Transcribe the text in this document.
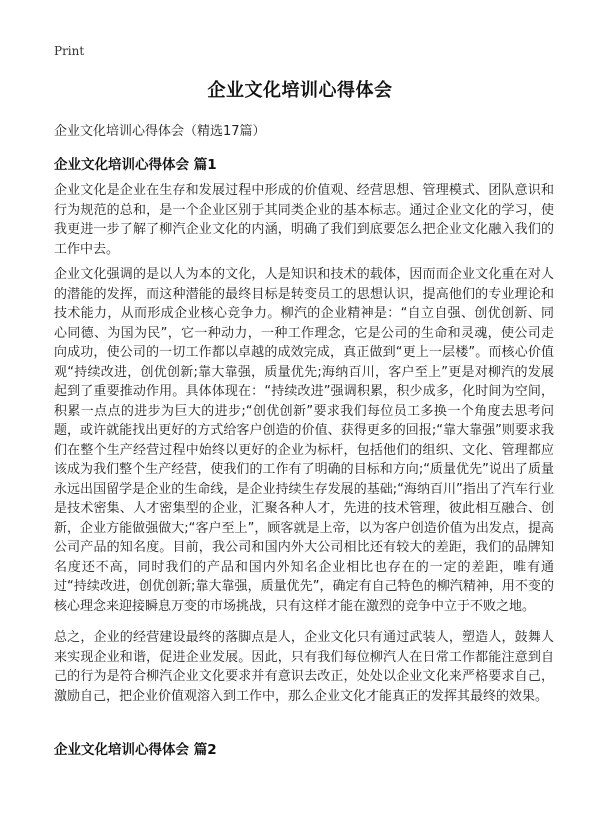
Print
企业文化培训心得体会
企业文化培训心得体会（精选17篇）
企业文化培训心得体会 篇1

企业文化是企业在生存和发展过程中形成的价值观、经营思想、管理模式、团队意识和行为规范的总和，是一个企业区别于其同类企业的基本标志。通过企业文化的学习，使我更进一步了解了柳汽企业文化的内涵，明确了我们到底要怎么把企业文化融入我们的工作中去。

企业文化强调的是以人为本的文化，人是知识和技术的载体，因而而企业文化重在对人的潜能的发挥，而这种潜能的最终目标是转变员工的思想认识，提高他们的专业理论和技术能力，从而形成企业核心竞争力。柳汽的企业精神是：“自立自强、创优创新、同心同德、为国为民”，它一种动力，一种工作理念，它是公司的生命和灵魂，使公司走向成功，使公司的一切工作都以卓越的成效完成，真正做到“更上一层楼”。而核心价值观“持续改进，创优创新;靠大靠强，质量优先;海纳百川，客户至上”更是对柳汽的发展起到了重要推动作用。具体体现在：“持续改进”强调积累，积少成多，化时间为空间，积累一点点的进步为巨大的进步;“创优创新”要求我们每位员工多换一个角度去思考问题，或许就能找出更好的方式给客户创造的价值、获得更多的回报;“靠大靠强”则要求我们在整个生产经营过程中始终以更好的企业为标杆，包括他们的组织、文化、管理都应该成为我们整个生产经营，使我们的工作有了明确的目标和方向;“质量优先”说出了质量永远出国留学是企业的生命线，是企业持续生存发展的基础;“海纳百川”指出了汽车行业是技术密集、人才密集型的企业，汇聚各种人才，先进的技术管理，彼此相互融合、创新，企业方能做强做大;“客户至上”，顾客就是上帝，以为客户创造价值为出发点，提高公司产品的知名度。目前，我公司和国内外大公司相比还有较大的差距，我们的品牌知名度还不高，同时我们的产品和国内外知名企业相比也存在的一定的差距，唯有通过“持续改进，创优创新;靠大靠强，质量优先”，确定有自己特色的柳汽精神，用不变的核心理念来迎接瞬息万变的市场挑战，只有这样才能在激烈的竞争中立于不败之地。

总之，企业的经营建设最终的落脚点是人，企业文化只有通过武装人，塑造人，鼓舞人来实现企业和谐，促进企业发展。因此，只有我们每位柳汽人在日常工作都能注意到自己的行为是符合柳汽企业文化要求并有意识去改正，处处以企业文化来严格要求自己，激励自己，把企业价值观溶入到工作中，那么企业文化才能真正的发挥其最终的效果。

企业文化培训心得体会 篇2
